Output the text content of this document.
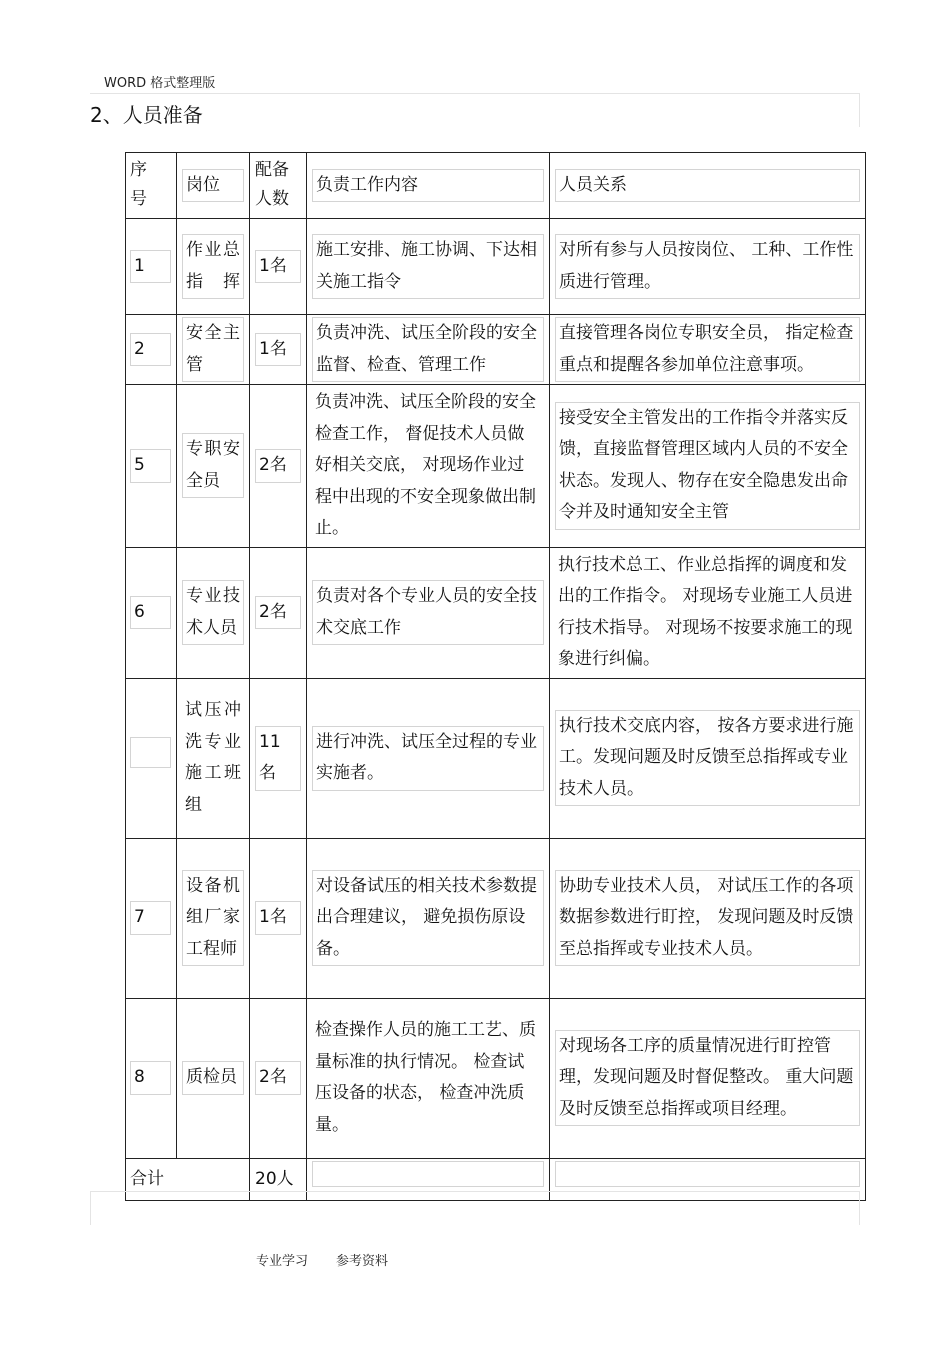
WORD 格式整理版
2、人员准备
序号	岗位	配备人数	负责工作内容	人员关系
1	作业总指挥	1名	施工安排、施工协调、下达相关施工指令	对所有参与人员按岗位、 工种、工作性质进行管理。
2	安全主管	1名	负责冲洗、试压全阶段的安全监督、检查、管理工作	直接管理各岗位专职安全员， 指定检查重点和提醒各参加单位注意事项。
5	专职安全员	2名	负责冲洗、试压全阶段的安全检查工作， 督促技术人员做好相关交底， 对现场作业过程中出现的不安全现象做出制止。	接受安全主管发出的工作指令并落实反馈，直接监督管理区域内人员的不安全状态。发现人、物存在安全隐患发出命令并及时通知安全主管
6	专业技术人员	2名	负责对各个专业人员的安全技术交底工作	执行技术总工、作业总指挥的调度和发出的工作指令。 对现场专业施工人员进行技术指导。 对现场不按要求施工的现象进行纠偏。
	试压冲洗专业施工班组	11名	进行冲洗、试压全过程的专业实施者。	执行技术交底内容， 按各方要求进行施工。发现问题及时反馈至总指挥或专业技术人员。
7	设备机组厂家工程师	1名	对设备试压的相关技术参数提出合理建议， 避免损伤原设备。	协助专业技术人员， 对试压工作的各项数据参数进行盯控， 发现问题及时反馈至总指挥或专业技术人员。
8	质检员	2名	检查操作人员的施工工艺、质量标准的执行情况。 检查试压设备的状态， 检查冲洗质量。	对现场各工序的质量情况进行盯控管理，发现问题及时督促整改。 重大问题及时反馈至总指挥或项目经理。
合计		20人		
专业学习 参考资料
